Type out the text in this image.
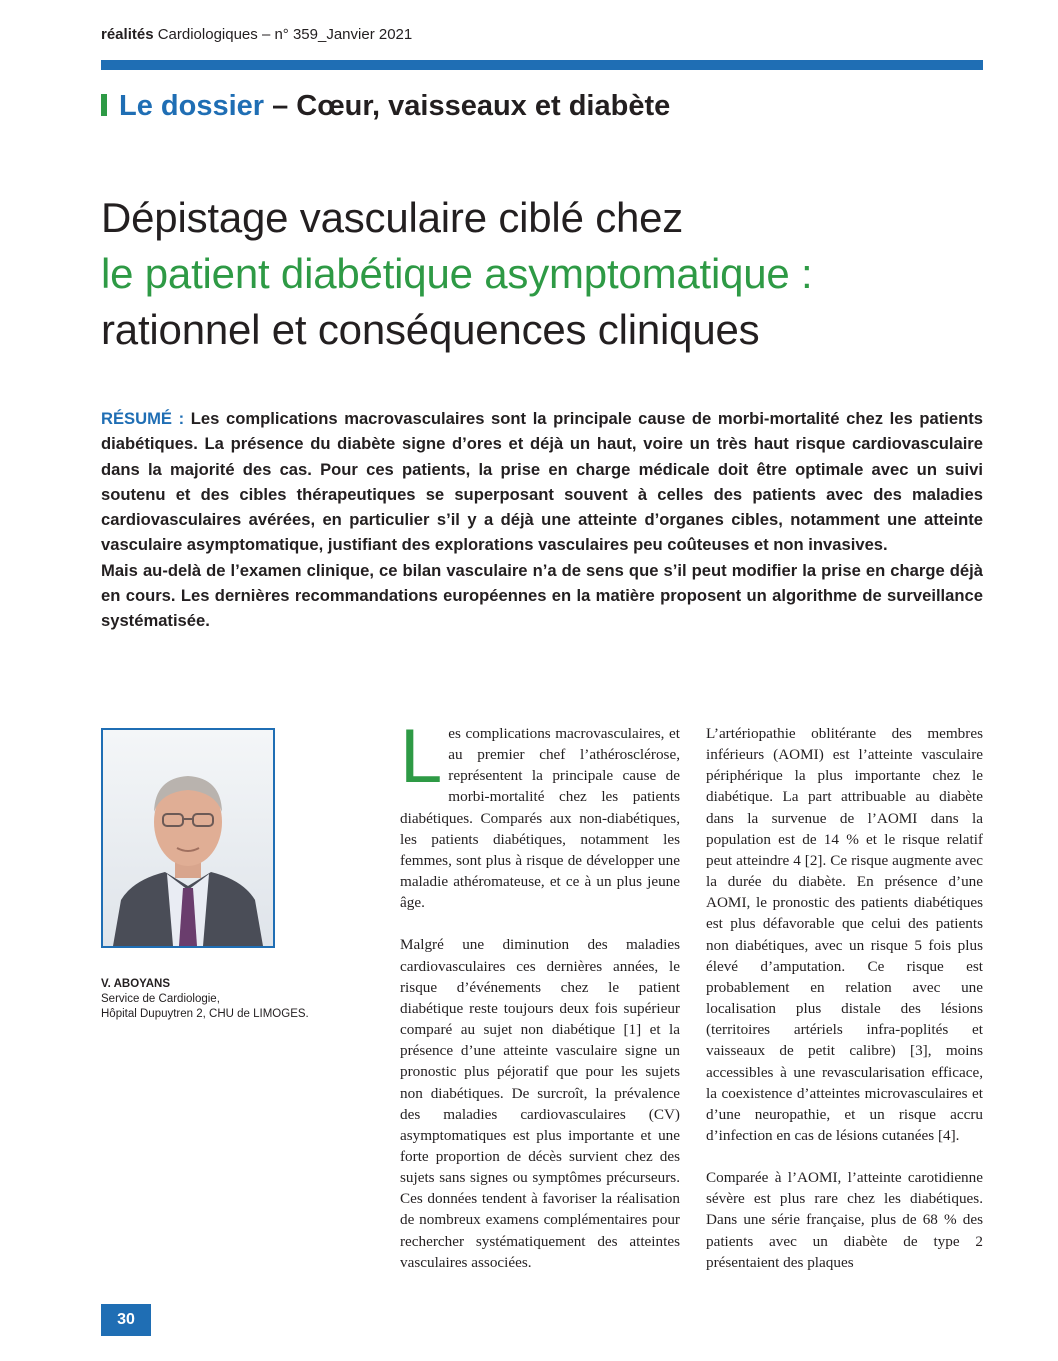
réalités Cardiologiques – n° 359_Janvier 2021
Le dossier – Cœur, vaisseaux et diabète
Dépistage vasculaire ciblé chez
le patient diabétique asymptomatique :
rationnel et conséquences cliniques

RÉSUMÉ : Les complications macrovasculaires sont la principale cause de morbi-mortalité chez les patients diabétiques. La présence du diabète signe d’ores et déjà un haut, voire un très haut risque cardiovasculaire dans la majorité des cas. Pour ces patients, la prise en charge médicale doit être optimale avec un suivi soutenu et des cibles thérapeutiques se superposant souvent à celles des patients avec des maladies cardiovasculaires avérées, en particulier s’il y a déjà une atteinte d’organes cibles, notamment une atteinte vasculaire asymptomatique, justifiant des explorations vasculaires peu coûteuses et non invasives.

Mais au-delà de l’examen clinique, ce bilan vasculaire n’a de sens que s’il peut modifier la prise en charge déjà en cours. Les dernières recommandations européennes en la matière proposent un algorithme de surveillance systématisée.

V. ABOYANS
Service de Cardiologie,
Hôpital Dupuytren 2, CHU de LIMOGES.

Les complications macrovasculaires, et au premier chef l’athérosclérose, représentent la principale cause de morbi-mortalité chez les patients diabétiques. Comparés aux non-diabétiques, les patients diabétiques, notamment les femmes, sont plus à risque de développer une maladie athéromateuse, et ce à un plus jeune âge.

Malgré une diminution des maladies cardiovasculaires ces dernières années, le risque d’événements chez le patient diabétique reste toujours deux fois supérieur comparé au sujet non diabétique [1] et la présence d’une atteinte vasculaire signe un pronostic plus péjoratif que pour les sujets non diabétiques. De surcroît, la prévalence des maladies cardiovasculaires (CV) asymptomatiques est plus importante et une forte proportion de décès survient chez des sujets sans signes ou symptômes précurseurs. Ces données tendent à favoriser la réalisation de nombreux examens complémentaires pour rechercher systématiquement des atteintes vasculaires associées.

L’artériopathie oblitérante des membres inférieurs (AOMI) est l’atteinte vasculaire périphérique la plus importante chez le diabétique. La part attribuable au diabète dans la survenue de l’AOMI dans la population est de 14 % et le risque relatif peut atteindre 4 [2]. Ce risque augmente avec la durée du diabète. En présence d’une AOMI, le pronostic des patients diabétiques est plus défavorable que celui des patients non diabétiques, avec un risque 5 fois plus élevé d’amputation. Ce risque est probablement en relation avec une localisation plus distale des lésions (territoires artériels infra-poplités et vaisseaux de petit calibre) [3], moins accessibles à une revascularisation efficace, la coexistence d’atteintes microvasculaires et d’une neuropathie, et un risque accru d’infection en cas de lésions cutanées [4].

Comparée à l’AOMI, l’atteinte carotidienne sévère est plus rare chez les diabétiques. Dans une série française, plus de 68 % des patients avec un diabète de type 2 présentaient des plaques

30
